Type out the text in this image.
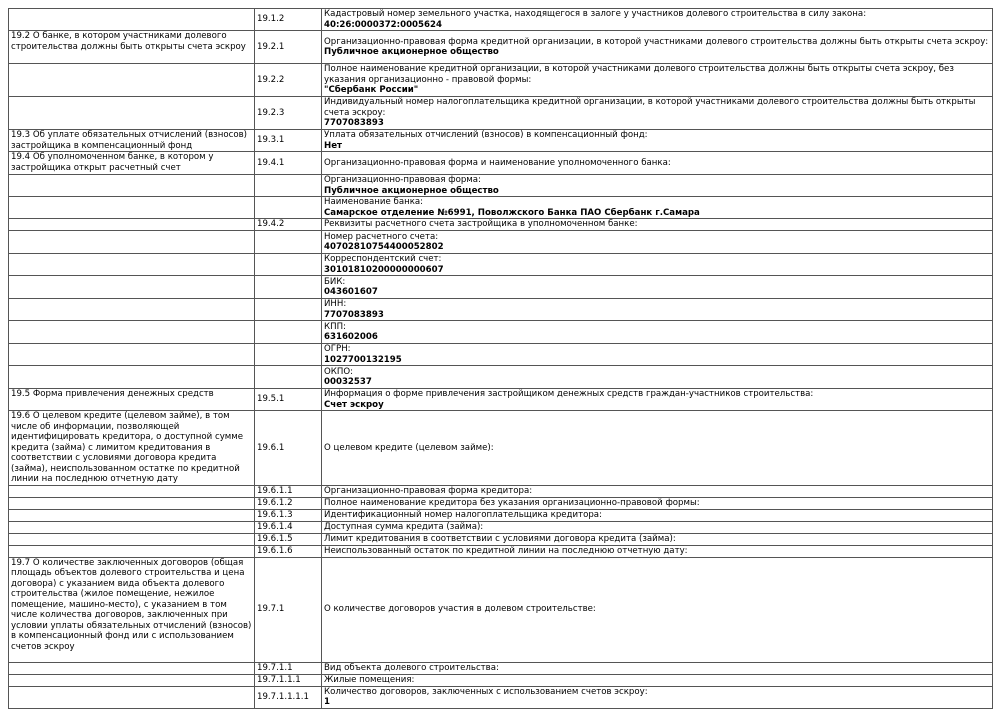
	19.1.2	Кадастровый номер земельного участка, находящегося в залоге у участников долевого строительства в силу закона:
40:26:0000372:0005624

19.2 О банке, в котором участниками долевого строительства должны быть открыты счета эскроу	19.2.1	Организационно-правовая форма кредитной организации, в которой участниками долевого строительства должны быть открыты счета эскроу:
Публичное акционерное общество

	19.2.2	Полное наименование кредитной организации, в которой участниками долевого строительства должны быть открыты счета эскроу, без указания организационно - правовой формы:
"Сбербанк России"

	19.2.3	Индивидуальный номер налогоплательщика кредитной организации, в которой участниками долевого строительства должны быть открыты счета эскроу:
7707083893

19.3 Об уплате обязательных отчислений (взносов) застройщика в компенсационный фонд	19.3.1	Уплата обязательных отчислений (взносов) в компенсационный фонд:
Нет

19.4 Об уполномоченном банке, в котором у застройщика открыт расчетный счет	19.4.1	Организационно-правовая форма и наименование уполномоченного банка:

		Организационно-правовая форма:
Публичное акционерное общество

		Наименование банка:
Самарское отделение №6991, Поволжского Банка ПАО Сбербанк г.Самара

	19.4.2	Реквизиты расчетного счета застройщика в уполномоченном банке:

		Номер расчетного счета:
40702810754400052802

		Корреспондентский счет:
30101810200000000607

		БИК:
043601607

		ИНН:
7707083893

		КПП:
631602006

		ОГРН:
1027700132195

		ОКПО:
00032537

19.5 Форма привлечения денежных средств	19.5.1	Информация о форме привлечения застройщиком денежных средств граждан-участников строительства:
Счет эскроу

19.6 О целевом кредите (целевом займе), в том числе об информации, позволяющей идентифицировать кредитора, о доступной сумме кредита (займа) с лимитом кредитования в соответствии с условиями договора кредита (займа), неиспользованном остатке по кредитной линии на последнюю отчетную дату	19.6.1	О целевом кредите (целевом займе):

	19.6.1.1	Организационно-правовая форма кредитора:

	19.6.1.2	Полное наименование кредитора без указания организационно-правовой формы:

	19.6.1.3	Идентификационный номер налогоплательщика кредитора:

	19.6.1.4	Доступная сумма кредита (займа):

	19.6.1.5	Лимит кредитования в соответствии с условиями договора кредита (займа):

	19.6.1.6	Неиспользованный остаток по кредитной линии на последнюю отчетную дату:

19.7 О количестве заключенных договоров (общая площадь объектов долевого строительства и цена договора) с указанием вида объекта долевого строительства (жилое помещение, нежилое помещение, машино-место), с указанием в том числе количества договоров, заключенных при условии уплаты обязательных отчислений (взносов) в компенсационный фонд или с использованием счетов эскроу	19.7.1	О количестве договоров участия в долевом строительстве:

	19.7.1.1	Вид объекта долевого строительства:

	19.7.1.1.1	Жилые помещения:

	19.7.1.1.1.1	Количество договоров, заключенных с использованием счетов эскроу:
1
